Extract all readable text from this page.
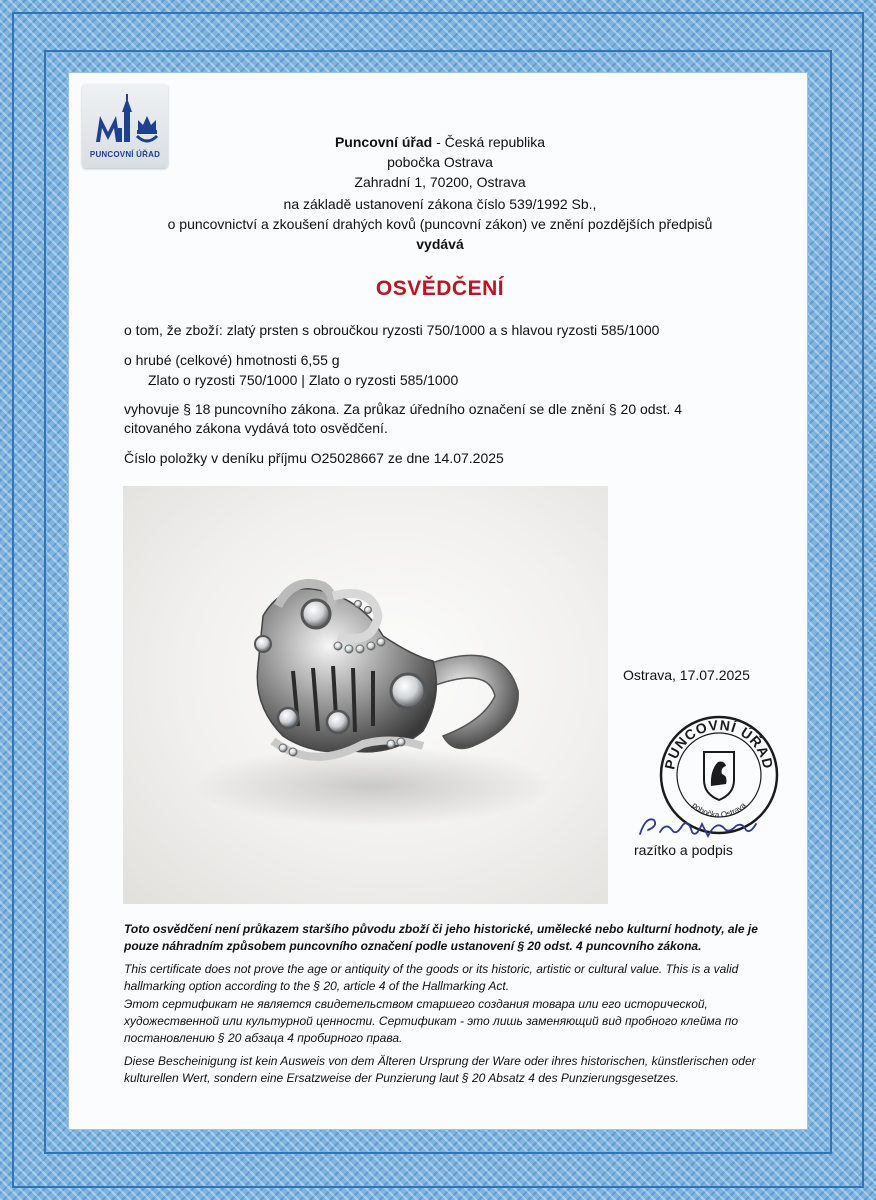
PUNCOVNÍ ÚŘAD
Puncovní úřad - Česká republika
pobočka Ostrava
Zahradní 1, 70200, Ostrava
na základě ustanovení zákona číslo 539/1992 Sb.,
o puncovnictví a zkoušení drahých kovů (puncovní zákon) ve znění pozdějších předpisů
vydává
OSVĚDČENÍ
o tom, že zboží: zlatý prsten s obroučkou ryzosti 750/1000 a s hlavou ryzosti 585/1000
o hrubé (celkové) hmotnosti 6,55 g
Zlato o ryzosti 750/1000 | Zlato o ryzosti 585/1000
vyhovuje § 18 puncovního zákona. Za průkaz úředního označení se dle znění § 20 odst. 4
citovaného zákona vydává toto osvědčení.
Číslo položky v deníku příjmu O25028667 ze dne 14.07.2025
Ostrava, 17.07.2025
PUNCOVNÍ ÚŘAD
pobočka Ostrava
razítko a podpis
Toto osvědčení není průkazem staršího původu zboží či jeho historické, umělecké nebo kulturní hodnoty, ale je pouze náhradním způsobem puncovního označení podle ustanovení § 20 odst. 4 puncovního zákona.
This certificate does not prove the age or antiquity of the goods or its historic, artistic or cultural value. This is a valid hallmarking option according to the § 20, article 4 of the Hallmarking Act.
Этот сертификат не является свидетельством старшего создания товара или его исторической, художественной или культурной ценности. Сертификат - это лишь заменяющий вид пробного клейма по постановлению § 20 абзаца 4 пробирного права.
Diese Bescheinigung ist kein Ausweis von dem Älteren Ursprung der Ware oder ihres historischen, künstlerischen oder kulturellen Wert, sondern eine Ersatzweise der Punzierung laut § 20 Absatz 4 des Punzierungsgesetzes.
